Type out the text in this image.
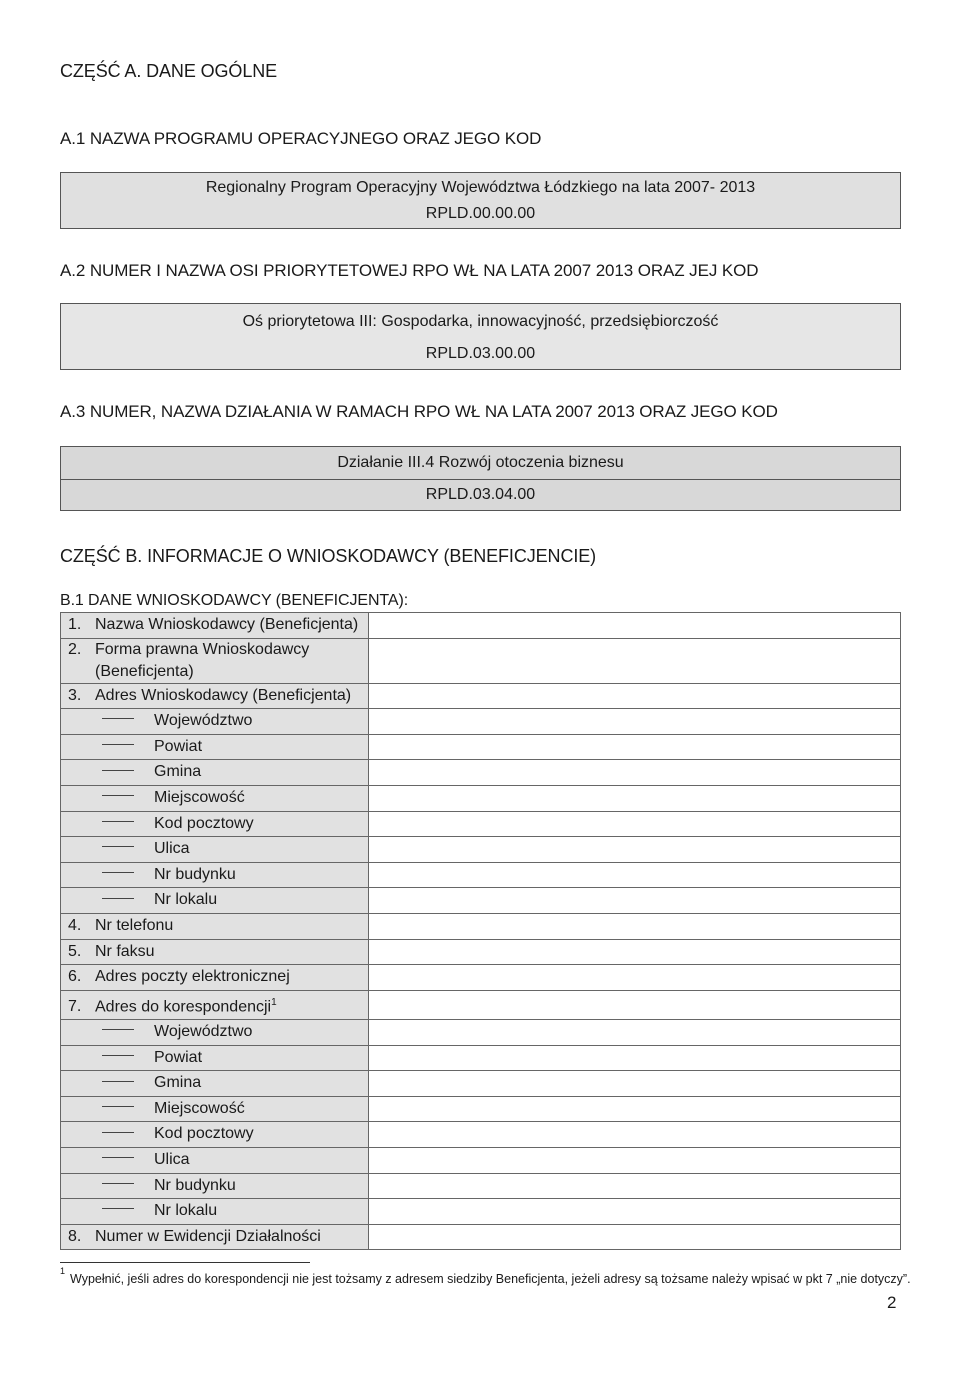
CZĘŚĆ A. DANE OGÓLNE
A.1 NAZWA PROGRAMU OPERACYJNEGO ORAZ JEGO KOD
Regionalny Program Operacyjny Województwa Łódzkiego na lata 2007- 2013
RPLD.00.00.00
A.2 NUMER I NAZWA OSI PRIORYTETOWEJ RPO WŁ NA LATA 2007 2013 ORAZ JEJ KOD
Oś priorytetowa III: Gospodarka, innowacyjność, przedsiębiorczość
RPLD.03.00.00
A.3 NUMER, NAZWA DZIAŁANIA W RAMACH RPO WŁ NA LATA 2007 2013 ORAZ JEGO KOD
Działanie III.4 Rozwój otoczenia biznesu
RPLD.03.04.00
CZĘŚĆ B. INFORMACJE O WNIOSKODAWCY (BENEFICJENCIE)
B.1 DANE WNIOSKODAWCY (BENEFICJENTA):
1. Nazwa Wnioskodawcy (Beneficjenta)	
2. Forma prawna Wnioskodawcy
(Beneficjenta)	
3. Adres Wnioskodawcy (Beneficjenta)	
Województwo	
Powiat	
Gmina	
Miejscowość	
Kod pocztowy	
Ulica	
Nr budynku	
Nr lokalu	
4. Nr telefonu	
5. Nr faksu	
6. Adres poczty elektronicznej	
7. Adres do korespondencji$^1$	
Województwo	
Powiat	
Gmina	
Miejscowość	
Kod pocztowy	
Ulica	
Nr budynku	
Nr lokalu	
8. Numer w Ewidencji Działalności	
$^1$Wypełnić, jeśli adres do korespondencji nie jest tożsamy z adresem siedziby Beneficjenta, jeżeli adresy są tożsame należy wpisać w pkt 7 „nie dotyczy”.
2
